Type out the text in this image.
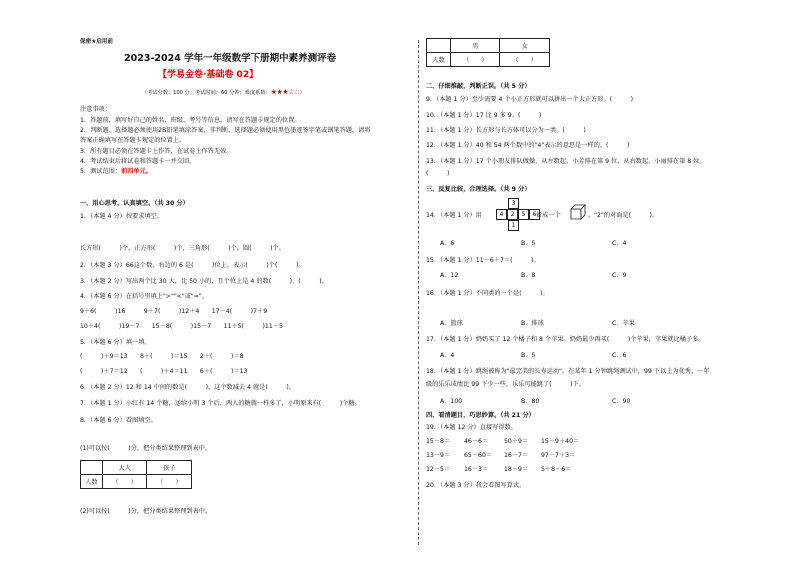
保密★启用前
2023-2024 学年一年级数学下册期中素养测评卷
【学易金卷·基础卷 02】
（考试分数：100 分；考试时间：60 分钟；难度系数：★★★☆☆）
注意事项：
1．答题前，填写好自己的姓名、班级、考号等信息，请写在答题卡规定的位置。
2．判断题、选择题必须使用2B铅笔填涂答案，非判断、选择题必须使用黑色墨迹签字笔或钢笔答题，请将
答案正确填写在答题卡规定的位置上。
3．所有题目必须在答题卡上作答，在试卷上作答无效。
4．考试结束后将试卷和答题卡一并交回。
5．测试范围：前四单元。
一、用心思考，认真填空。（共 30 分）
1．（本题 4 分）按要求填空。
长方形(　　　)个，正方形(　　　)个，三角形(　　　)个，圆(　　　)个。
2．（本题 3 分）66这个数，右边的 6 是(　　　)位上，表示(　　　)个(　　　)。
3．（本题 2 分）写出两个比 30 大，比 50 小的，且个位上是 4 的数(　　　)、(　　　)。
4．（本题 6 分）在括号里填上">""<"或"="。
9＋6(　　　)16　　　9＋7(　　　)12＋4　　17－4(　　　)7＋9
10＋4(　　　)19－7　　15－8(　　　)15－7　　11＋5(　　　)11－5
5．（本题 6 分）填一填。
(　　　)＋9＝13　　8＋(　　　)＝15　　2＋(　　　)＝8
(　　　)＋7＝12　　(　　　)＋4＝11　　6＋(　　　)＝13
6．（本题 2 分）12 和 14 中间的数是(　　　)，这个数减去 4 就是(　　　)。
7．（本题 1 分）小红有 14 个糖，送给小明 3 个后，两人的糖就一样多了，小明原来有(　　　)个糖。
8．（本题 6 分）看图填空。
(1)可以按(　　　)分，把分类结果整理到表中。
	大人	孩子
人数	（　　）	（　　）
(2)可以按(　　　)分，把分类结果整理到表中。
	男	女
人数	（　　）	（　　）
二、仔细推敲，判断正误。（共 5 分）
9．（本题 1 分）至少需要 4 个小正方形就可以拼出一个大正方形。(　　　)
10．（本题 1 分）17 比 9 多 9。(　　　)
11．（本题 1 分）长方形与长方体可以分为一类。(　　　)
12．（本题 1 分）40 和 54 两个数中的"4"表示的意思是一样的。(　　　)
13．（本题 1 分）17 个小朋友排队做操，从左数起，小芳排在第 9 位，从右数起，小丽排在第 8 位。
(　　　)
三、反复比较，合理选择。（共 9 分）
14．（本题 1 分）用
3
4	2	5	6
1
折成一个	，"2"的对面是(　　　)。
A．6	B．5	C．4
15．（本题 1 分）11－6＋7＝(　　　)。
A．12	B．8	C．9
16．（本题 1 分）不同类的一个是(　　　)。
A．篮球	B．排球	C．苹果
17．（本题 1 分）奶奶买了 12 个橘子和 8 个苹果。奶奶最少再买(　　　)个苹果，苹果就比橘子多。
A．4	B．5	C．6
18．（本题 1 分）跳绳被称为"最完美的长寿运动"。在某年 1 分钟跳绳测试中，99 下以上为优秀，一年
级的乐乐成绩比 99 下少一些，乐乐可能跳了(　　　)下。
A．100	B．80	C．90
四、看清题目，巧思妙算。（共 21 分）
19．（本题 12 分）直接写得数。
15－8＝ 46－6＝	50＋9＝ 15－9＋40＝
13－9＝ 65－60＝ 16－7＝ 97－7＋3＝
12－5＝ 16－3＝	18－9＝ 5＋8－6＝
20．（本题 3 分）我会看图写算式。
